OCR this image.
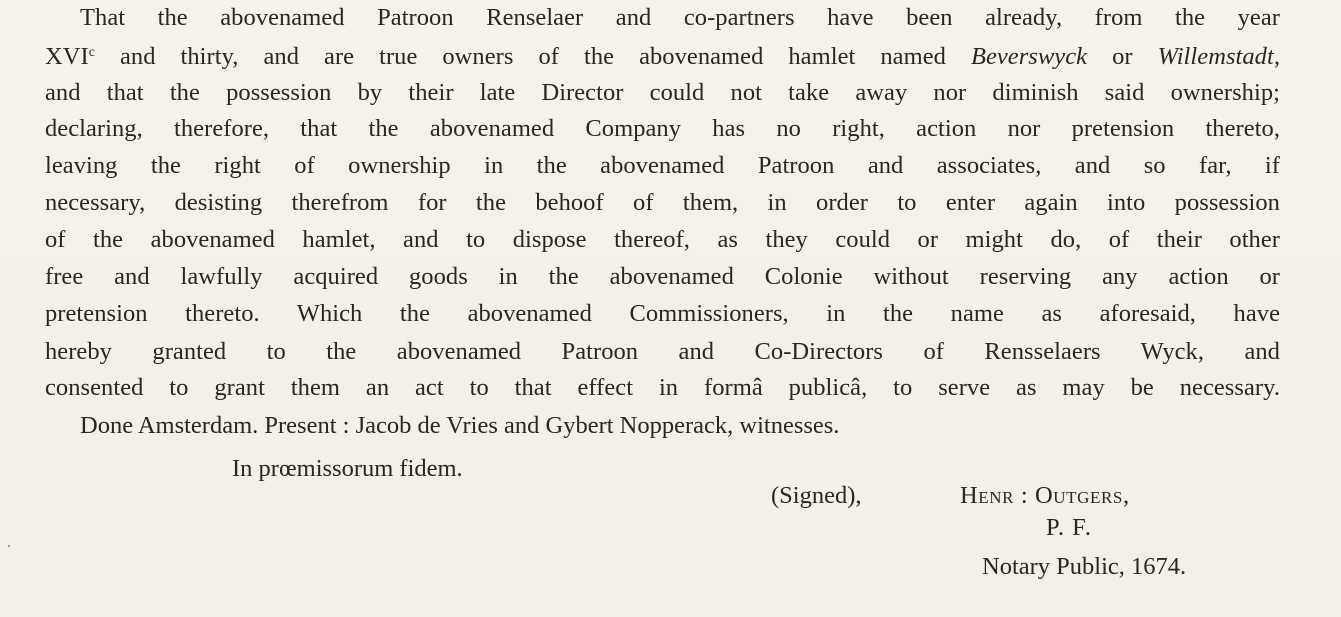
That the abovenamed Patroon Renselaer and co-partners have been already, from the year
XVI$^c$ and thirty, and are true owners of the abovenamed hamlet named Beverswyck or Willemstadt,
and that the possession by their late Director could not take away nor diminish said ownership;
declaring, therefore, that the abovenamed Company has no right, action nor pretension thereto,
leaving the right of ownership in the abovenamed Patroon and associates, and so far, if
necessary, desisting therefrom for the behoof of them, in order to enter again into possession
of the abovenamed hamlet, and to dispose thereof, as they could or might do, of their other
free and lawfully acquired goods in the abovenamed Colonie without reserving any action or
pretension thereto. Which the abovenamed Commissioners, in the name as aforesaid, have
hereby granted to the abovenamed Patroon and Co-Directors of Rensselaers Wyck, and
consented to grant them an act to that effect in formâ publicâ, to serve as may be necessary.
Done Amsterdam. Present : Jacob de Vries and Gybert Nopperack, witnesses.
In prœmissorum fidem.
(Signed),	Henr : Outgers,
P. F.
Notary Public, 1674.
